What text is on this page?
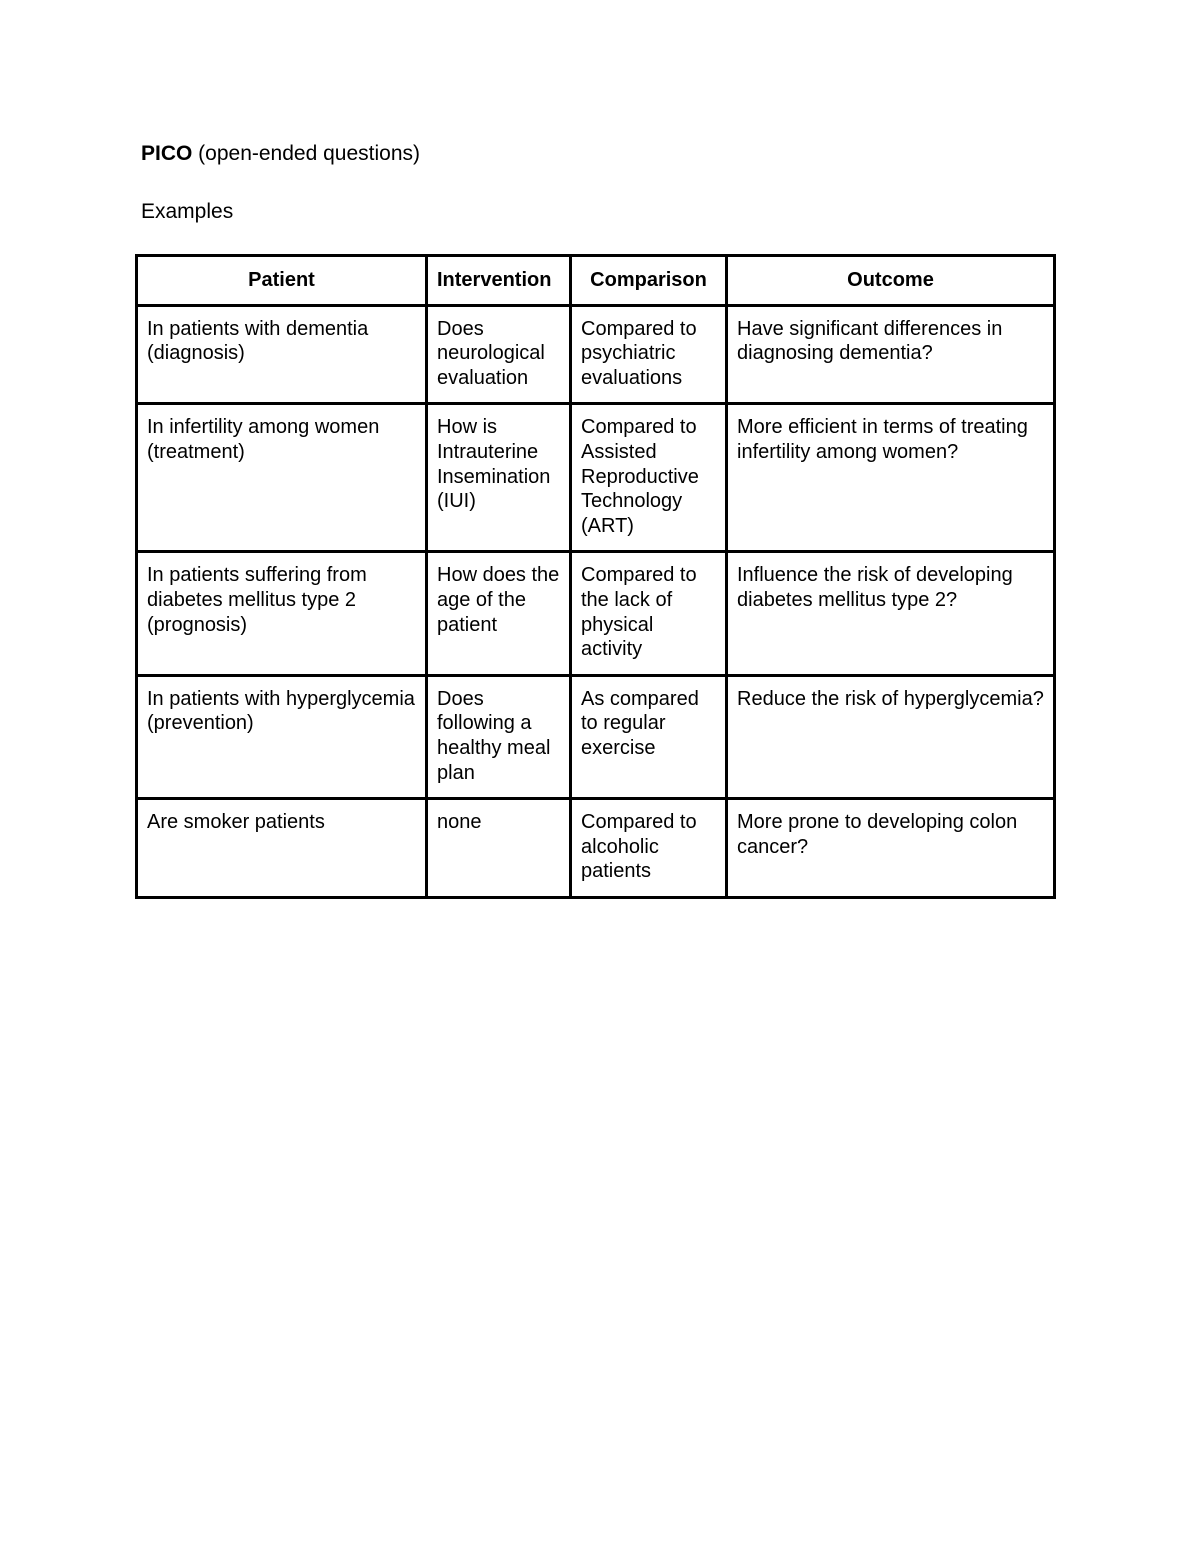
PICO (open-ended questions)
Examples
Patient	Intervention	Comparison	Outcome
In patients with dementia (diagnosis)	Does neurological evaluation	Compared to psychiatric evaluations	Have significant differences in diagnosing dementia?
In infertility among women (treatment)	How is Intrauterine Insemination (IUI)	Compared to Assisted Reproductive Technology (ART)	More efficient in terms of treating infertility among women?
In patients suffering from diabetes mellitus type 2 (prognosis)	How does the age of the patient	Compared to the lack of physical activity	Influence the risk of developing diabetes mellitus type 2?
In patients with hyperglycemia (prevention)	Does following a healthy meal plan	As compared to regular exercise	Reduce the risk of hyperglycemia?
Are smoker patients	none	Compared to alcoholic patients	More prone to developing colon cancer?
